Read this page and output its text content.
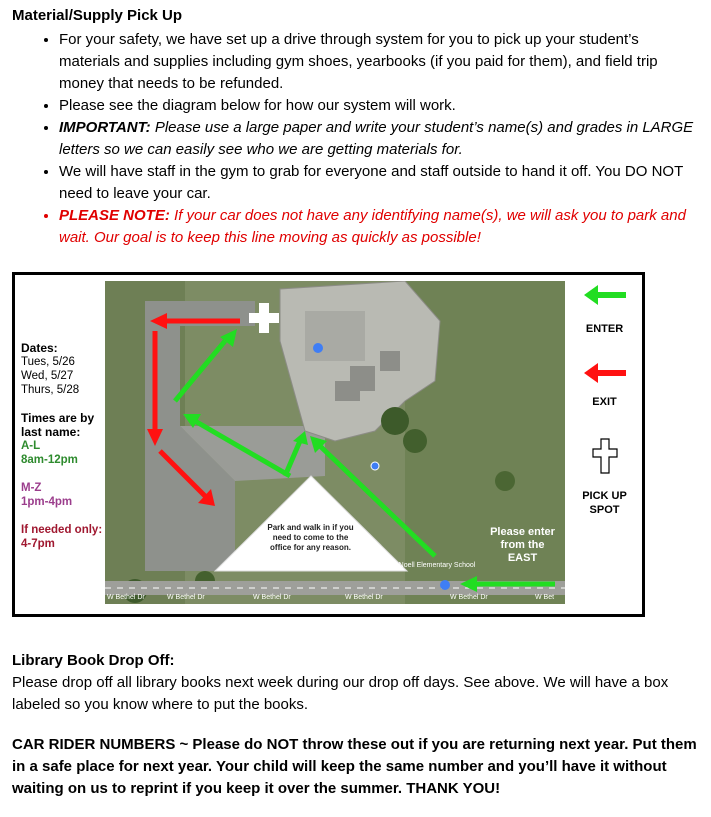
Material/Supply Pick Up
• For your safety, we have set up a drive through system for you to pick up your student’s materials and supplies including gym shoes, yearbooks (if you paid for them), and field trip money that needs to be refunded.
• Please see the diagram below for how our system will work.
• IMPORTANT: Please use a large paper and write your student’s name(s) and grades in LARGE letters so we can easily see who we are getting materials for.
• We will have staff in the gym to grab for everyone and staff outside to hand it off. You DO NOT need to leave your car.
• PLEASE NOTE: If your car does not have any identifying name(s), we will ask you to park and wait. Our goal is to keep this line moving as quickly as possible!
Dates:
Tues, 5/26
Wed, 5/27
Thurs, 5/28
Times are by last name:
A-L
8am-12pm
M-Z
1pm-4pm
If needed only:
4-7pm
Park and walk in if you need to come to the office for any reason.
Please enter from the EAST
Noell Elementary School
W Bethel Dr	W Bethel Dr	W Bethel Dr	W Bethel Dr	W Bethel Dr	W Bet
ENTER
EXIT
PICK UP SPOT
Library Book Drop Off:
Please drop off all library books next week during our drop off days. See above. We will have a box labeled so you know where to put the books.
CAR RIDER NUMBERS ~ Please do NOT throw these out if you are returning next year. Put them in a safe place for next year. Your child will keep the same number and you’ll have it without waiting on us to reprint if you keep it over the summer. THANK YOU!
